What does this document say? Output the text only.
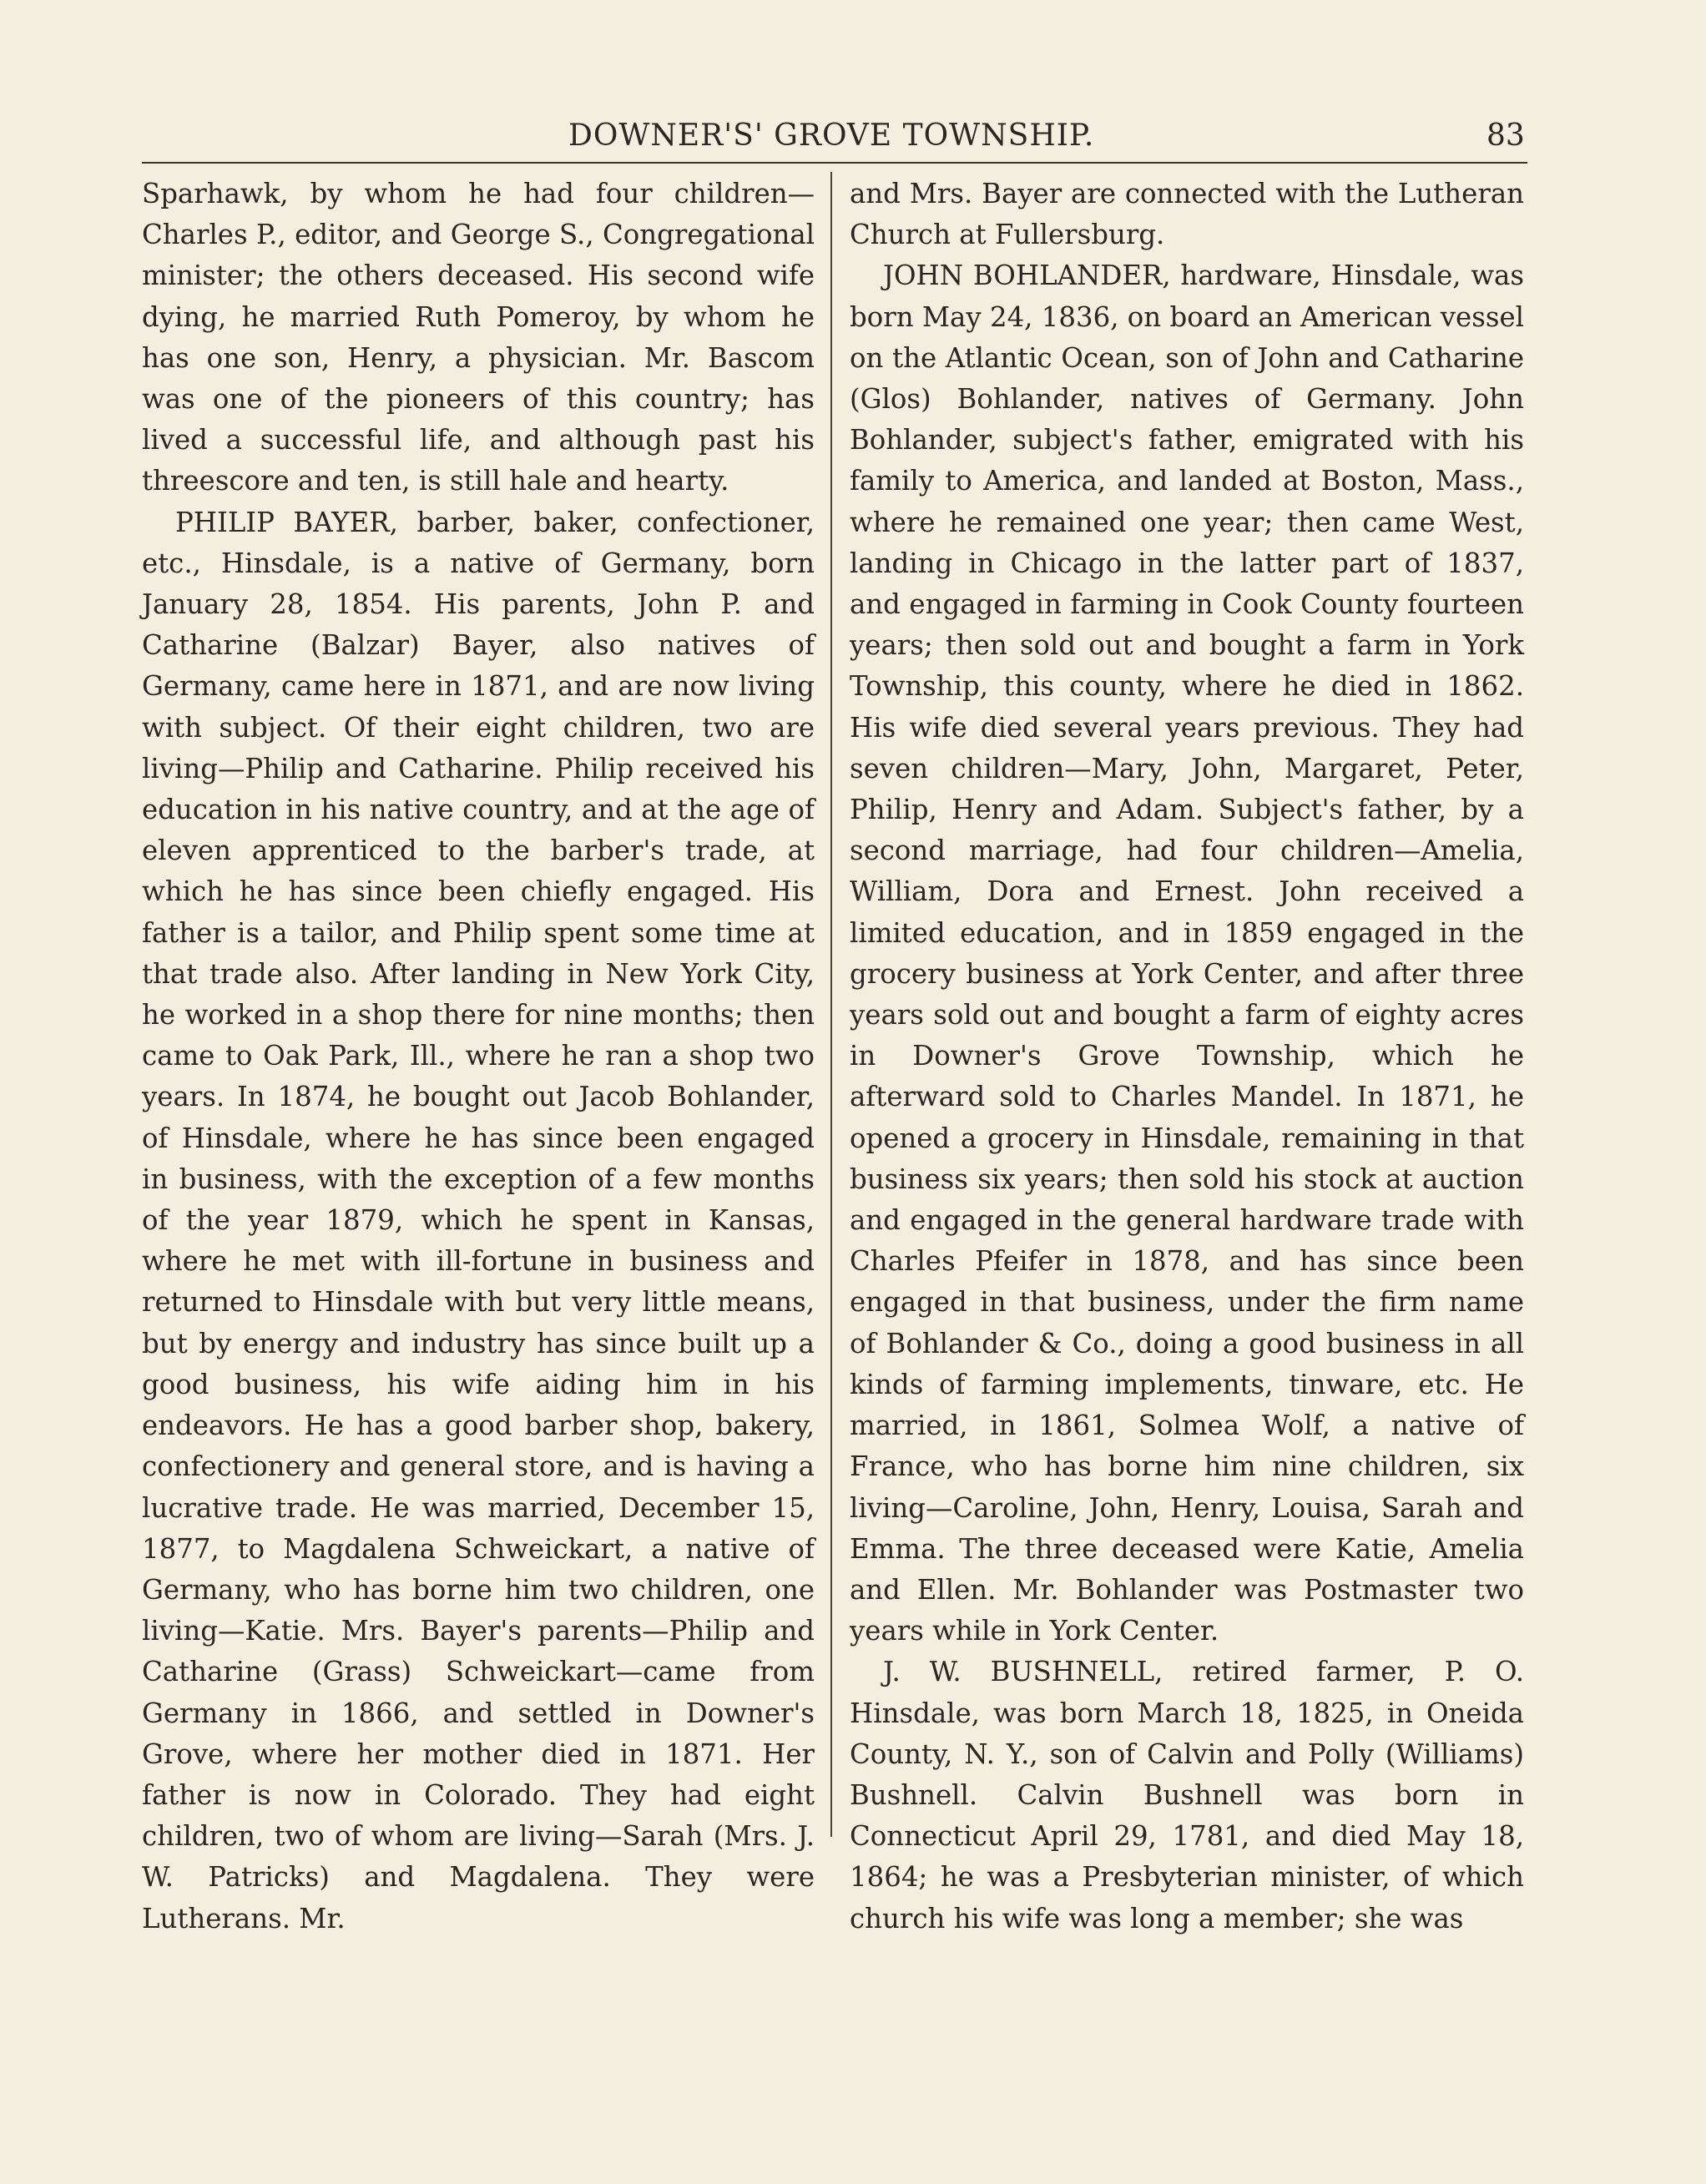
DOWNER'S' GROVE TOWNSHIP.	83

Sparhawk, by whom he had four children—Charles P., editor, and George S., Congregational minister; the others deceased. His second wife dying, he married Ruth Pomeroy, by whom he has one son, Henry, a physician. Mr. Bascom was one of the pioneers of this country; has lived a successful life, and although past his threescore and ten, is still hale and hearty.

PHILIP BAYER, barber, baker, confectioner, etc., Hinsdale, is a native of Germany, born January 28, 1854. His parents, John P. and Catharine (Balzar) Bayer, also natives of Germany, came here in 1871, and are now living with subject. Of their eight children, two are living—Philip and Catharine. Philip received his education in his native country, and at the age of eleven apprenticed to the barber's trade, at which he has since been chiefly engaged. His father is a tailor, and Philip spent some time at that trade also. After landing in New York City, he worked in a shop there for nine months; then came to Oak Park, Ill., where he ran a shop two years. In 1874, he bought out Jacob Bohlander, of Hinsdale, where he has since been engaged in business, with the exception of a few months of the year 1879, which he spent in Kansas, where he met with ill-fortune in business and returned to Hinsdale with but very little means, but by energy and industry has since built up a good business, his wife aiding him in his endeavors. He has a good barber shop, bakery, confectionery and general store, and is having a lucrative trade. He was married, December 15, 1877, to Magdalena Schweickart, a native of Germany, who has borne him two children, one living—Katie. Mrs. Bayer's parents—Philip and Catharine (Grass) Schweickart—came from Germany in 1866, and settled in Downer's Grove, where her mother died in 1871. Her father is now in Colorado. They had eight children, two of whom are living—Sarah (Mrs. J. W. Patricks) and Magdalena. They were Lutherans. Mr.

and Mrs. Bayer are connected with the Lutheran Church at Fullersburg.

JOHN BOHLANDER, hardware, Hinsdale, was born May 24, 1836, on board an American vessel on the Atlantic Ocean, son of John and Catharine (Glos) Bohlander, natives of Germany. John Bohlander, subject's father, emigrated with his family to America, and landed at Boston, Mass., where he remained one year; then came West, landing in Chicago in the latter part of 1837, and engaged in farming in Cook County fourteen years; then sold out and bought a farm in York Township, this county, where he died in 1862. His wife died several years previous. They had seven children—Mary, John, Margaret, Peter, Philip, Henry and Adam. Subject's father, by a second marriage, had four children—Amelia, William, Dora and Ernest. John received a limited education, and in 1859 engaged in the grocery business at York Center, and after three years sold out and bought a farm of eighty acres in Downer's Grove Township, which he afterward sold to Charles Mandel. In 1871, he opened a grocery in Hinsdale, remaining in that business six years; then sold his stock at auction and engaged in the general hardware trade with Charles Pfeifer in 1878, and has since been engaged in that business, under the firm name of Bohlander & Co., doing a good business in all kinds of farming implements, tinware, etc. He married, in 1861, Solmea Wolf, a native of France, who has borne him nine children, six living—Caroline, John, Henry, Louisa, Sarah and Emma. The three deceased were Katie, Amelia and Ellen. Mr. Bohlander was Postmaster two years while in York Center.

J. W. BUSHNELL, retired farmer, P. O. Hinsdale, was born March 18, 1825, in Oneida County, N. Y., son of Calvin and Polly (Williams) Bushnell. Calvin Bushnell was born in Connecticut April 29, 1781, and died May 18, 1864; he was a Presbyterian minister, of which church his wife was long a member; she was
